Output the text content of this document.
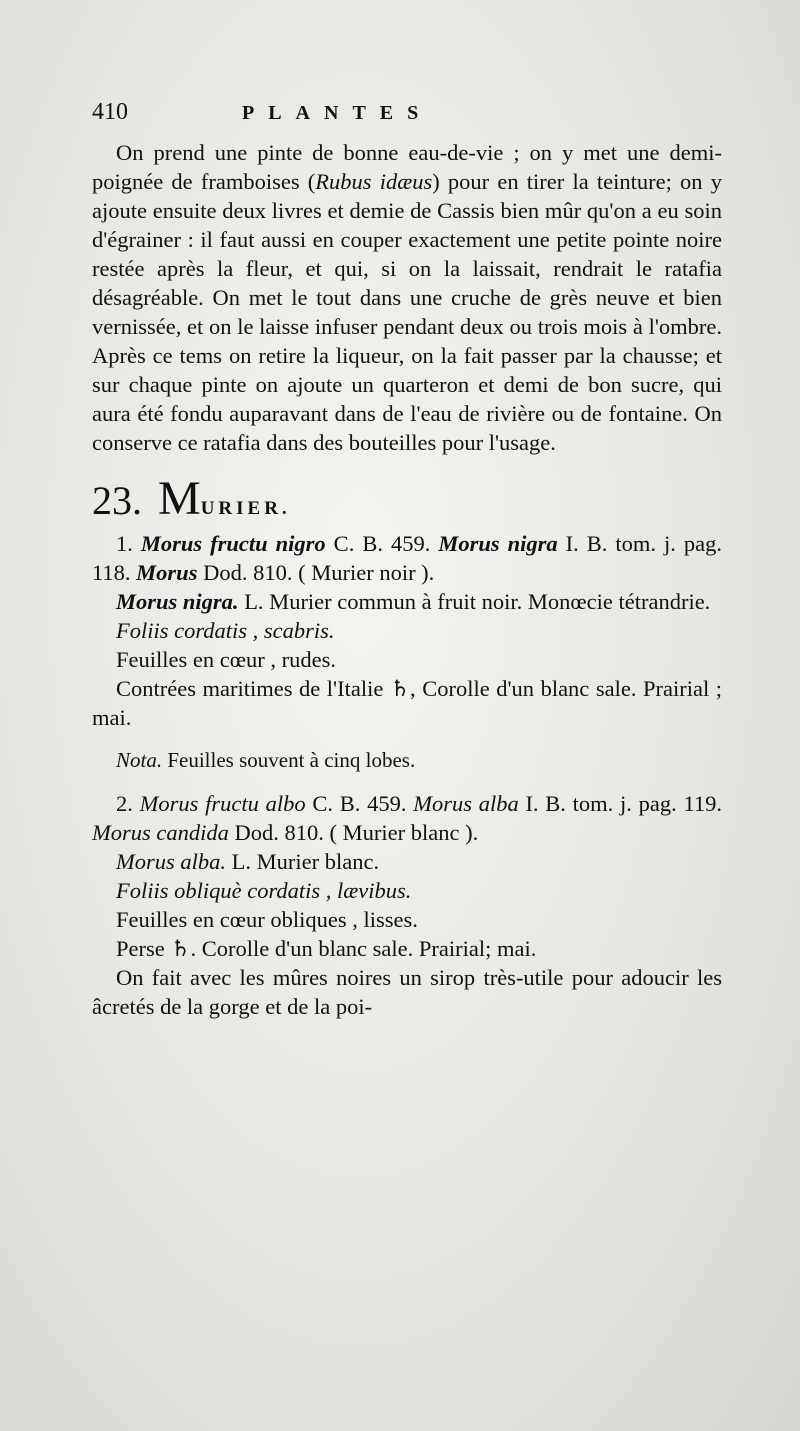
410	PLANTES

On prend une pinte de bonne eau-de-vie ; on y met une demi-poignée de framboises (Rubus idæus) pour en tirer la teinture; on y ajoute ensuite deux livres et demie de Cassis bien mûr qu'on a eu soin d'égrainer : il faut aussi en couper exactement une petite pointe noire restée après la fleur, et qui, si on la laissait, rendrait le ratafia désagréable. On met le tout dans une cruche de grès neuve et bien vernissée, et on le laisse infuser pendant deux ou trois mois à l'ombre. Après ce tems on retire la liqueur, on la fait passer par la chausse; et sur chaque pinte on ajoute un quarteron et demi de bon sucre, qui aura été fondu auparavant dans de l'eau de rivière ou de fontaine. On conserve ce ratafia dans des bouteilles pour l'usage.

23. M URIER.

1. Morus fructu nigro C. B. 459. Morus nigra I. B. tom. j. pag. 118. Morus Dod. 810. ( Murier noir ).

Morus nigra. L. Murier commun à fruit noir. Monœcie tétrandrie.

Foliis cordatis , scabris.

Feuilles en cœur , rudes.

Contrées maritimes de l'Italie ♄, Corolle d'un blanc sale. Prairial ; mai.

Nota. Feuilles souvent à cinq lobes.

2. Morus fructu albo C. B. 459. Morus alba I. B. tom. j. pag. 119. Morus candida Dod. 810. ( Murier blanc ).

Morus alba. L. Murier blanc.

Foliis obliquè cordatis , lævibus.

Feuilles en cœur obliques , lisses.

Perse ♄. Corolle d'un blanc sale. Prairial; mai.

On fait avec les mûres noires un sirop très-utile pour adoucir les âcretés de la gorge et de la poi-
